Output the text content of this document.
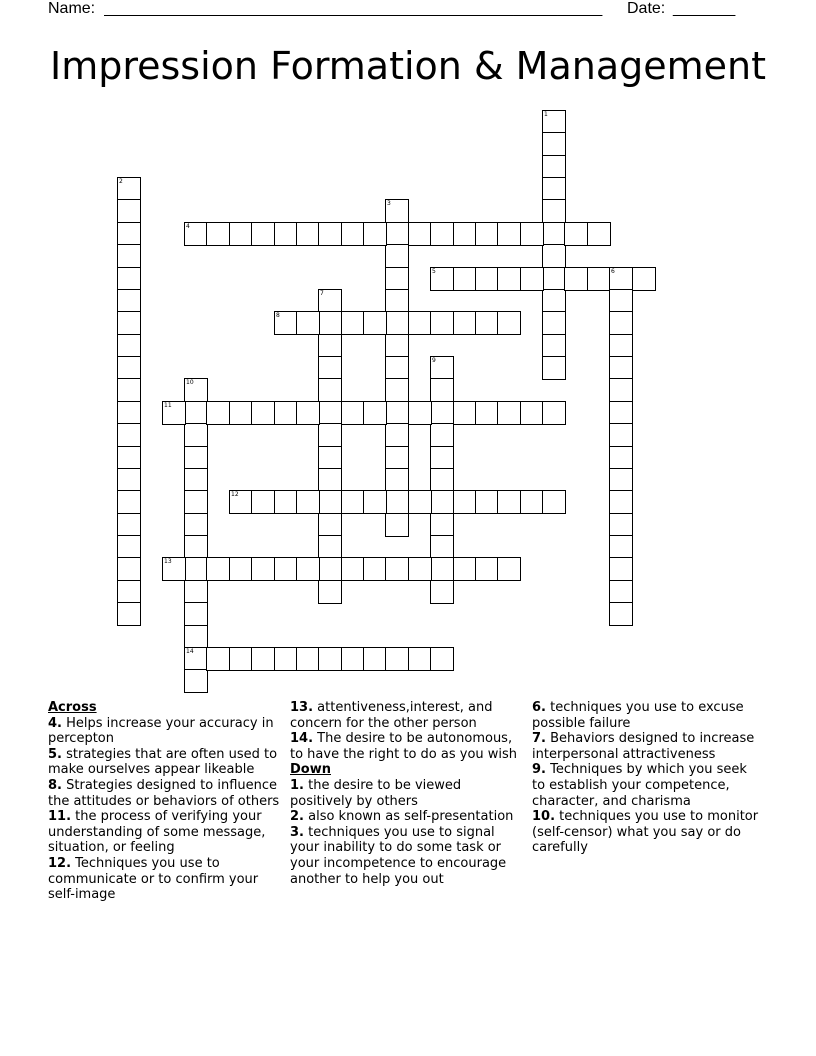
Name: ________________________________________________________	Date: _______
Impression Formation & Management
1
2
3
4
5	6
7
8
9
10
14
11
12
13
Across
4. Helps increase your accuracy in percepton
5. strategies that are often used to make ourselves appear likeable
8. Strategies designed to influence the attitudes or behaviors of others
11. the process of verifying your understanding of some message, situation, or feeling
12. Techniques you use to communicate or to confirm your self-image
13. attentiveness,interest, and concern for the other person
14. The desire to be autonomous, to have the right to do as you wish
Down
1. the desire to be viewed positively by others
2. also known as self-presentation
3. techniques you use to signal your inability to do some task or your incompetence to encourage another to help you out
6. techniques you use to excuse possible failure
7. Behaviors designed to increase interpersonal attractiveness
9. Techniques by which you seek to establish your competence, character, and charisma
10. techniques you use to monitor (self-censor) what you say or do carefully
